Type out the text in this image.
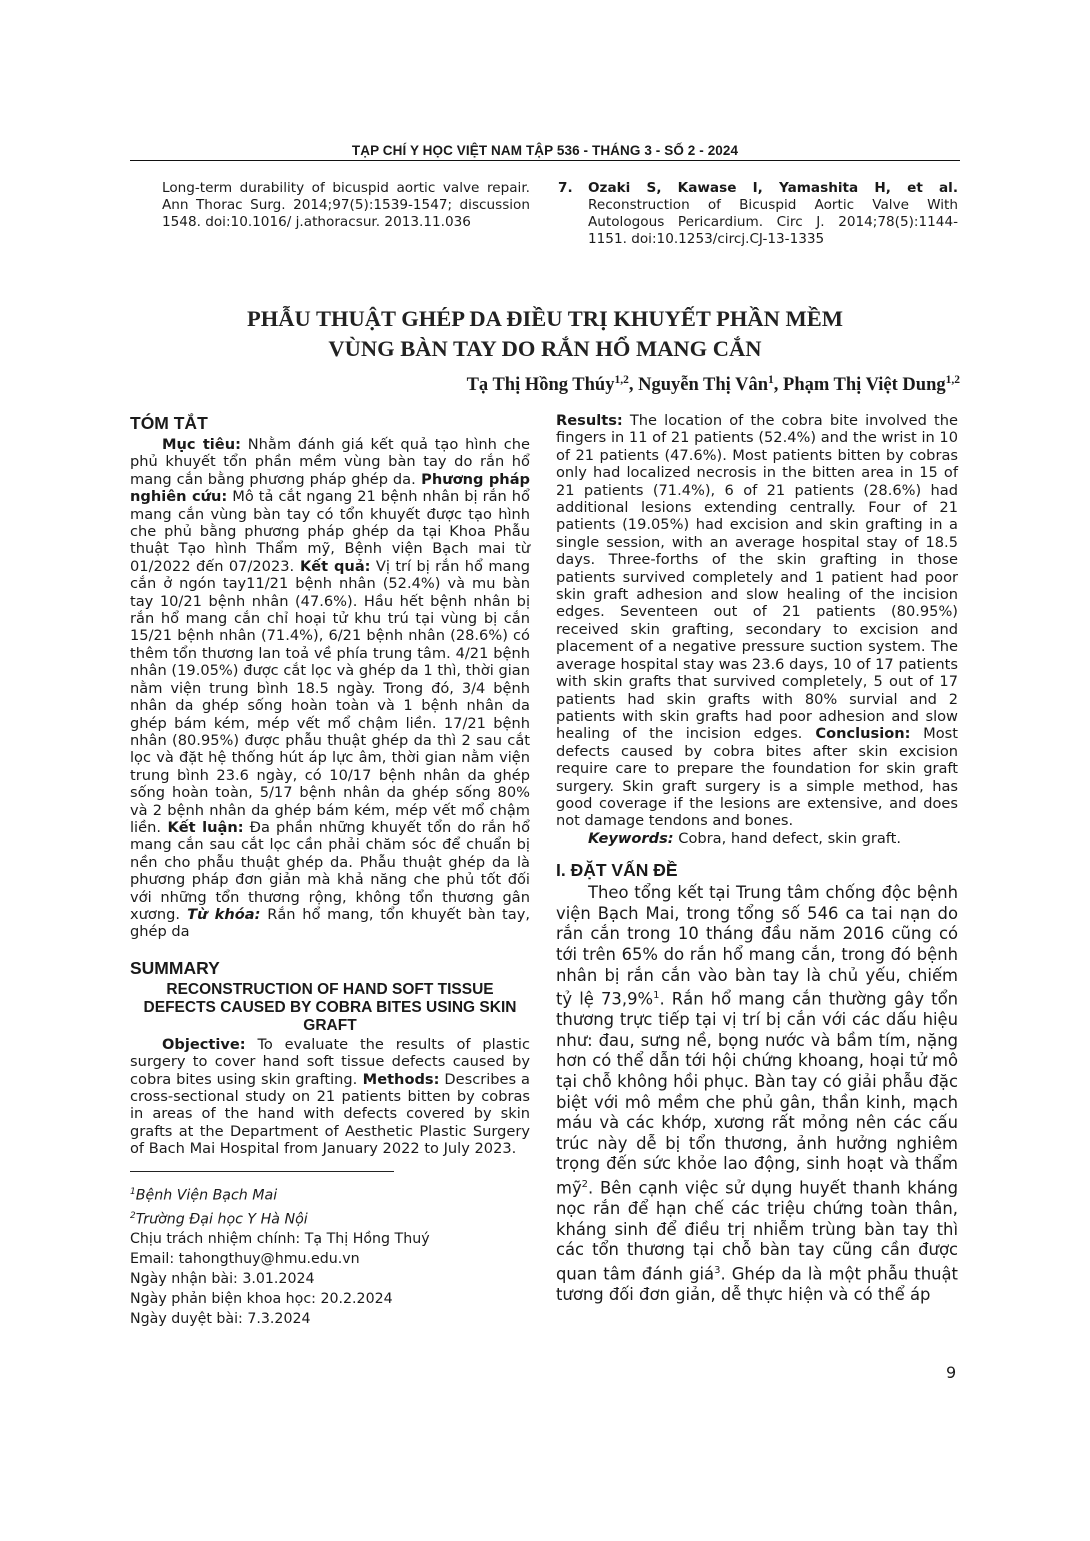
TẠP CHÍ Y HỌC VIỆT NAM TẬP 536 - THÁNG 3 - SỐ 2 - 2024
Long-term durability of bicuspid aortic valve repair. Ann Thorac Surg. 2014;97(5):1539-1547; discussion 1548. doi:10.1016/ j.athoracsur. 2013.11.036
7. Ozaki S, Kawase I, Yamashita H, et al. Reconstruction of Bicuspid Aortic Valve With Autologous Pericardium. Circ J. 2014;78(5):1144-1151. doi:10.1253/circj.CJ-13-1335
PHẪU THUẬT GHÉP DA ĐIỀU TRỊ KHUYẾT PHẦN MỀM
VÙNG BÀN TAY DO RẮN HỔ MANG CẮN
Tạ Thị Hồng Thúy$^{1,2}$, Nguyễn Thị Vân$^1$, Phạm Thị Việt Dung$^{1,2}$
TÓM TẮT

Mục tiêu: Nhằm đánh giá kết quả tạo hình che phủ khuyết tổn phần mềm vùng bàn tay do rắn hổ mang cắn bằng phương pháp ghép da. Phương pháp nghiên cứu: Mô tả cắt ngang 21 bệnh nhân bị rắn hổ mang cắn vùng bàn tay có tổn khuyết được tạo hình che phủ bằng phương pháp ghép da tại Khoa Phẫu thuật Tạo hình Thẩm mỹ, Bệnh viện Bạch mai từ 01/2022 đến 07/2023. Kết quả: Vị trí bị rắn hổ mang cắn ở ngón tay11/21 bệnh nhân (52.4%) và mu bàn tay 10/21 bệnh nhân (47.6%). Hầu hết bệnh nhân bị rắn hổ mang cắn chỉ hoại tử khu trú tại vùng bị cắn 15/21 bệnh nhân (71.4%), 6/21 bệnh nhân (28.6%) có thêm tổn thương lan toả về phía trung tâm. 4/21 bệnh nhân (19.05%) được cắt lọc và ghép da 1 thì, thời gian nằm viện trung bình 18.5 ngày. Trong đó, 3/4 bệnh nhân da ghép sống hoàn toàn và 1 bệnh nhân da ghép bám kém, mép vết mổ chậm liền. 17/21 bệnh nhân (80.95%) được phẫu thuật ghép da thì 2 sau cắt lọc và đặt hệ thống hút áp lực âm, thời gian nằm viện trung bình 23.6 ngày, có 10/17 bệnh nhân da ghép sống hoàn toàn, 5/17 bệnh nhân da ghép sống 80% và 2 bệnh nhân da ghép bám kém, mép vết mổ chậm liền. Kết luận: Đa phần những khuyết tổn do rắn hổ mang cắn sau cắt lọc cần phải chăm sóc để chuẩn bị nền cho phẫu thuật ghép da. Phẫu thuật ghép da là phương pháp đơn giản mà khả năng che phủ tốt đối với những tổn thương rộng, không tổn thương gân xương. Từ khóa: Rắn hổ mang, tổn khuyết bàn tay, ghép da

SUMMARY
RECONSTRUCTION OF HAND SOFT TISSUE DEFECTS CAUSED BY COBRA BITES USING SKIN GRAFT

Objective: To evaluate the results of plastic surgery to cover hand soft tissue defects caused by cobra bites using skin grafting. Methods: Describes a cross-sectional study on 21 patients bitten by cobras in areas of the hand with defects covered by skin grafts at the Department of Aesthetic Plastic Surgery of Bach Mai Hospital from January 2022 to July 2023.

Results: The location of the cobra bite involved the fingers in 11 of 21 patients (52.4%) and the wrist in 10 of 21 patients (47.6%). Most patients bitten by cobras only had localized necrosis in the bitten area in 15 of 21 patients (71.4%), 6 of 21 patients (28.6%) had additional lesions extending centrally. Four of 21 patients (19.05%) had excision and skin grafting in a single session, with an average hospital stay of 18.5 days. Three-forths of the skin grafting in those patients survived completely and 1 patient had poor skin graft adhesion and slow healing of the incision edges. Seventeen out of 21 patients (80.95%) received skin grafting, secondary to excision and placement of a negative pressure suction system. The average hospital stay was 23.6 days, 10 of 17 patients with skin grafts that survived completely, 5 out of 17 patients had skin grafts with 80% survial and 2 patients with skin grafts had poor adhesion and slow healing of the incision edges. Conclusion: Most defects caused by cobra bites after skin excision require care to prepare the foundation for skin graft surgery. Skin graft surgery is a simple method, has good coverage if the lesions are extensive, and does not damage tendons and bones.

Keywords: Cobra, hand defect, skin graft.

I. ĐẶT VẤN ĐỀ

Theo tổng kết tại Trung tâm chống độc bệnh viện Bạch Mai, trong tổng số 546 ca tai nạn do rắn cắn trong 10 tháng đầu năm 2016 cũng có tới trên 65% do rắn hổ mang cắn, trong đó bệnh nhân bị rắn cắn vào bàn tay là chủ yếu, chiếm tỷ lệ 73,9%$^1$. Rắn hổ mang cắn thường gây tổn thương trực tiếp tại vị trí bị cắn với các dấu hiệu như: đau, sưng nề, bọng nước và bầm tím, nặng hơn có thể dẫn tới hội chứng khoang, hoại tử mô tại chỗ không hồi phục. Bàn tay có giải phẫu đặc biệt với mô mềm che phủ gân, thần kinh, mạch máu và các khớp, xương rất mỏng nên các cấu trúc này dễ bị tổn thương, ảnh hưởng nghiêm trọng đến sức khỏe lao động, sinh hoạt và thẩm mỹ$^2$. Bên cạnh việc sử dụng huyết thanh kháng nọc rắn để hạn chế các triệu chứng toàn thân, kháng sinh để điều trị nhiễm trùng bàn tay thì các tổn thương tại chỗ bàn tay cũng cần được quan tâm đánh giá$^3$. Ghép da là một phẫu thuật tương đối đơn giản, dễ thực hiện và có thể áp

$^1$Bệnh Viện Bạch Mai
$^2$Trường Đại học Y Hà Nội
Chịu trách nhiệm chính: Tạ Thị Hồng Thuý
Email: tahongthuy@hmu.edu.vn
Ngày nhận bài: 3.01.2024
Ngày phản biện khoa học: 20.2.2024
Ngày duyệt bài: 7.3.2024
9
